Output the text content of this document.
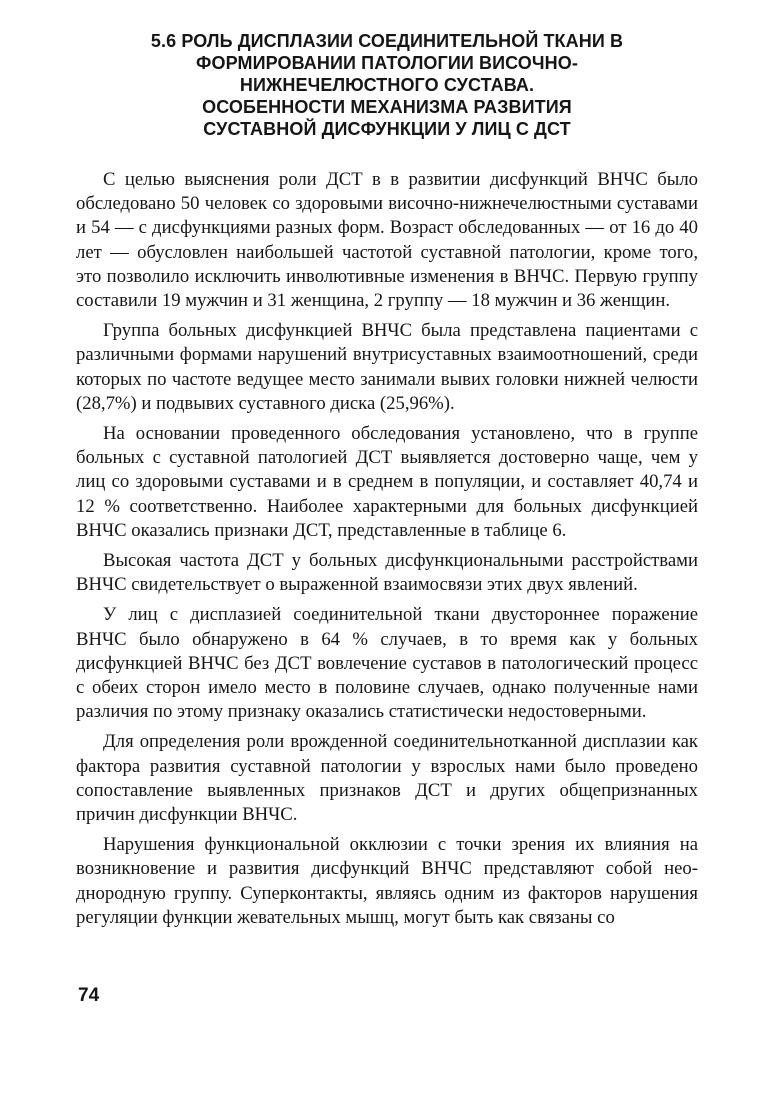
5.6 РОЛЬ ДИСПЛАЗИИ СОЕДИНИТЕЛЬНОЙ ТКАНИ В
ФОРМИРОВАНИИ ПАТОЛОГИИ ВИСОЧНО-
НИЖНЕЧЕЛЮСТНОГО СУСТАВА.
ОСОБЕННОСТИ МЕХАНИЗМА РАЗВИТИЯ
СУСТАВНОЙ ДИСФУНКЦИИ У ЛИЦ С ДСТ

С целью выяснения роли ДСТ в в развитии дисфункций ВНЧС было обследовано 50 человек со здоровыми височно-нижнечелюстными суставами и 54 — с дисфункциями разных форм. Возраст обследованных — от 16 до 40 лет — обусловлен наибольшей частотой суставной патологии, кроме того, это позволило исключить инволютивные изменения в ВНЧС. Первую группу составили 19 мужчин и 31 женщина, 2 группу — 18 мужчин и 36 женщин.

Группа больных дисфункцией ВНЧС была представлена пациентами с различными формами нарушений внутрисуставных взаимоотношений, среди которых по частоте ведущее место занимали вывих головки нижней челюсти (28,7%) и подвывих суставного диска (25,96%).

На основании проведенного обследования установлено, что в группе больных с суставной патологией ДСТ выявляется достоверно чаще, чем у лиц со здоровыми суставами и в среднем в популяции, и составляет 40,74 и 12 % соответственно. Наиболее характерными для больных дисфункцией ВНЧС оказались признаки ДСТ, представленные в таблице 6.

Высокая частота ДСТ у больных дисфункциональными расстройствами ВНЧС свидетельствует о выраженной взаимосвязи этих двух явлений.

У лиц с дисплазией соединительной ткани двустороннее поражение ВНЧС было обнаружено в 64 % случаев, в то время как у больных дисфункцией ВНЧС без ДСТ вовлечение суставов в патологический процесс с обеих сторон имело место в половине случаев, однако полученные нами различия по этому признаку оказались статистически недостоверными.

Для определения роли врожденной соединительнотканной дисплазии как фактора развития суставной патологии у взрослых нами было проведено сопоставление выявленных признаков ДСТ и других общепризнанных причин дисфункции ВНЧС.

Нарушения функциональной окклюзии с точки зрения их влияния на возникновение и развития дисфункций ВНЧС представляют собой неоднородную группу. Суперконтакты, являясь одним из факторов нарушения регуляции функции жевательных мышц, могут быть как связаны со

74
